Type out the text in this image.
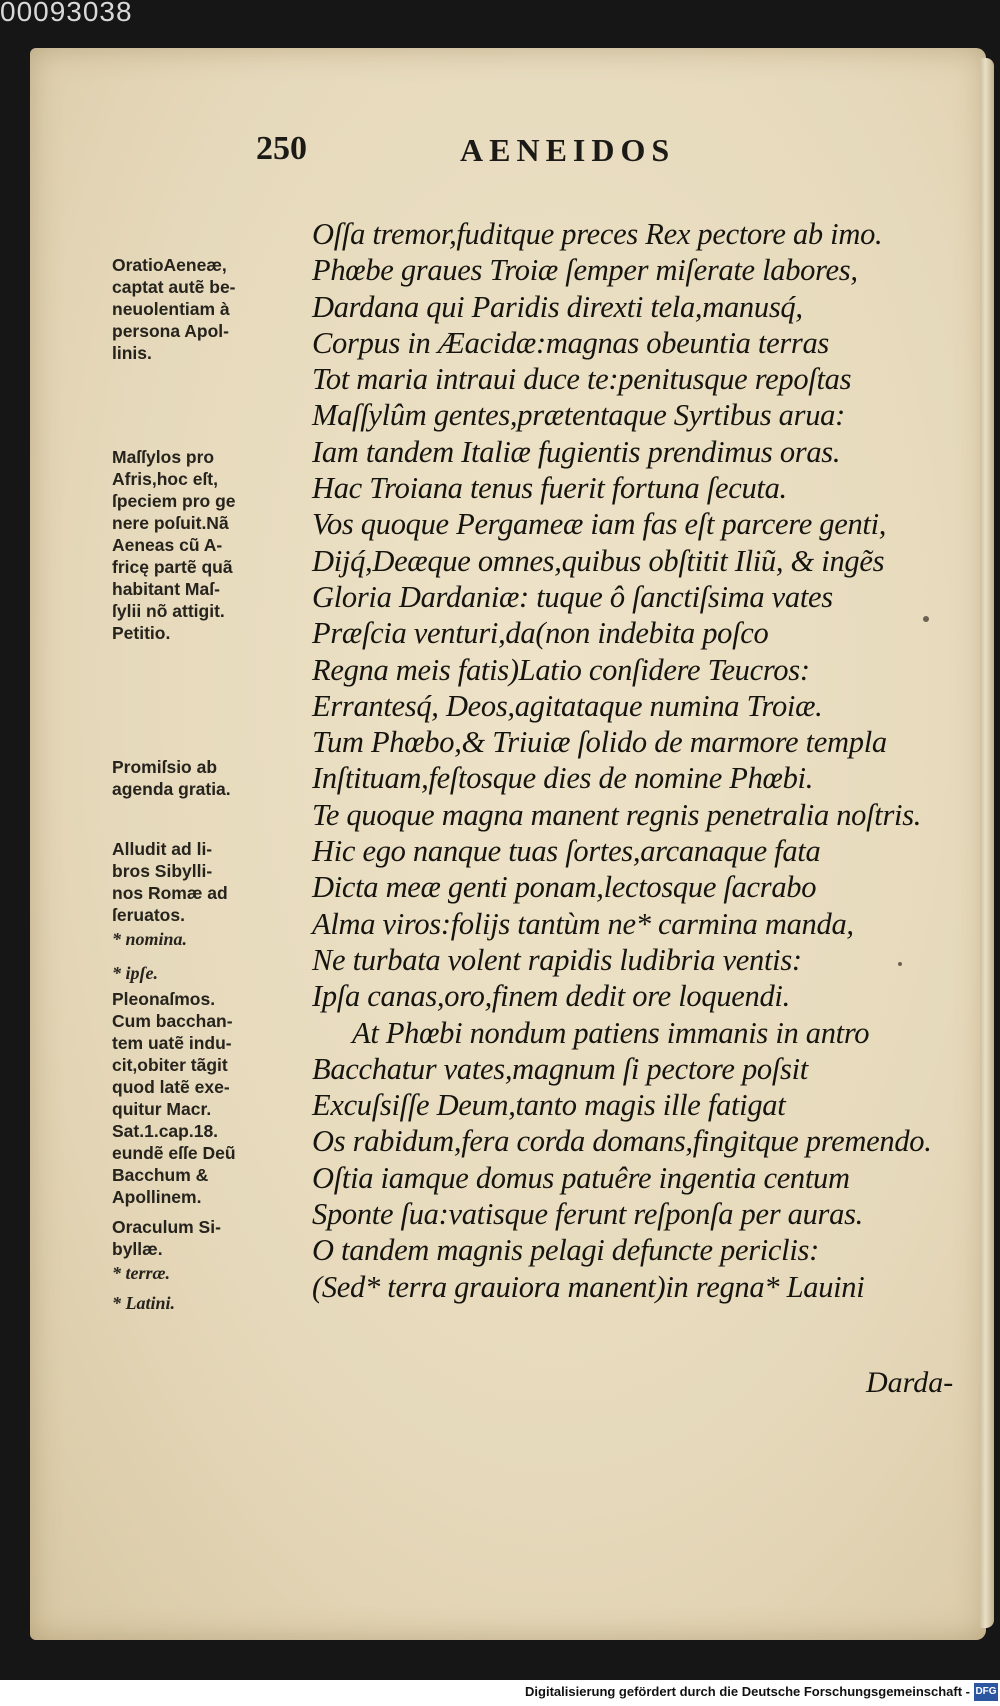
00093038
250	AENEIDOS
OratioAeneæ,
captat autẽ be-
neuolentiam à
persona Apol-
linis.
Maſſylos pro
Afris,hoc eſt,
ſpeciem pro ge
nere poſuit.Nã
Aeneas cũ A-
fricę partẽ quã
habitant Maſ-
ſylii nõ attigit.
Petitio.
Promiſsio ab
agenda gratia.
Alludit ad li-
bros Sibylli-
nos Romæ ad
ſeruatos.
* nomina.
* ipſe.
Pleonaſmos.
Cum bacchan-
tem uatẽ indu-
cit,obiter tãgit
quod latẽ exe-
quitur Macr.
Sat.1.cap.18.
eundẽ eſſe Deũ
Bacchum &
Apollinem.
Oraculum Si-
byllæ.
* terræ.
* Latini.
Oſſa tremor,fuditque preces Rex pectore ab imo.
Phœbe graues Troiæ ſemper miſerate labores,
Dardana qui Paridis direxti tela,manusq́,
Corpus in Æacidæ:magnas obeuntia terras
Tot maria intraui duce te:penitusque repoſtas
Maſſylûm gentes,prætentaque Syrtibus arua:
Iam tandem Italiæ fugientis prendimus oras.
Hac Troiana tenus fuerit fortuna ſecuta.
Vos quoque Pergameæ iam fas eſt parcere genti,
Dijq́,Deæque omnes,quibus obſtitit Iliũ, & ingẽs
Gloria Dardaniæ: tuque ô ſanctiſsima vates
Præſcia venturi,da(non indebita poſco
Regna meis fatis)Latio conſidere Teucros:
Errantesq́, Deos,agitataque numina Troiæ.
Tum Phœbo,& Triuiæ ſolido de marmore templa
Inſtituam,feſtosque dies de nomine Phœbi.
Te quoque magna manent regnis penetralia noſtris.
Hic ego nanque tuas ſortes,arcanaque fata
Dicta meæ genti ponam,lectosque ſacrabo
Alma viros:folijs tantùm ne* carmina manda,
Ne turbata volent rapidis ludibria ventis:
Ipſa canas,oro,finem dedit ore loquendi.
At Phœbi nondum patiens immanis in antro
Bacchatur vates,magnum ſi pectore poſsit
Excuſsiſſe Deum,tanto magis ille fatigat
Os rabidum,fera corda domans,fingitque premendo.
Oſtia iamque domus patuêre ingentia centum
Sponte ſua:vatisque ferunt reſponſa per auras.
O tandem magnis pelagi defuncte periclis:
(Sed* terra grauiora manent)in regna* Lauini
Darda-
Digitalisierung gefördert durch die Deutsche Forschungsgemeinschaft - DFG
